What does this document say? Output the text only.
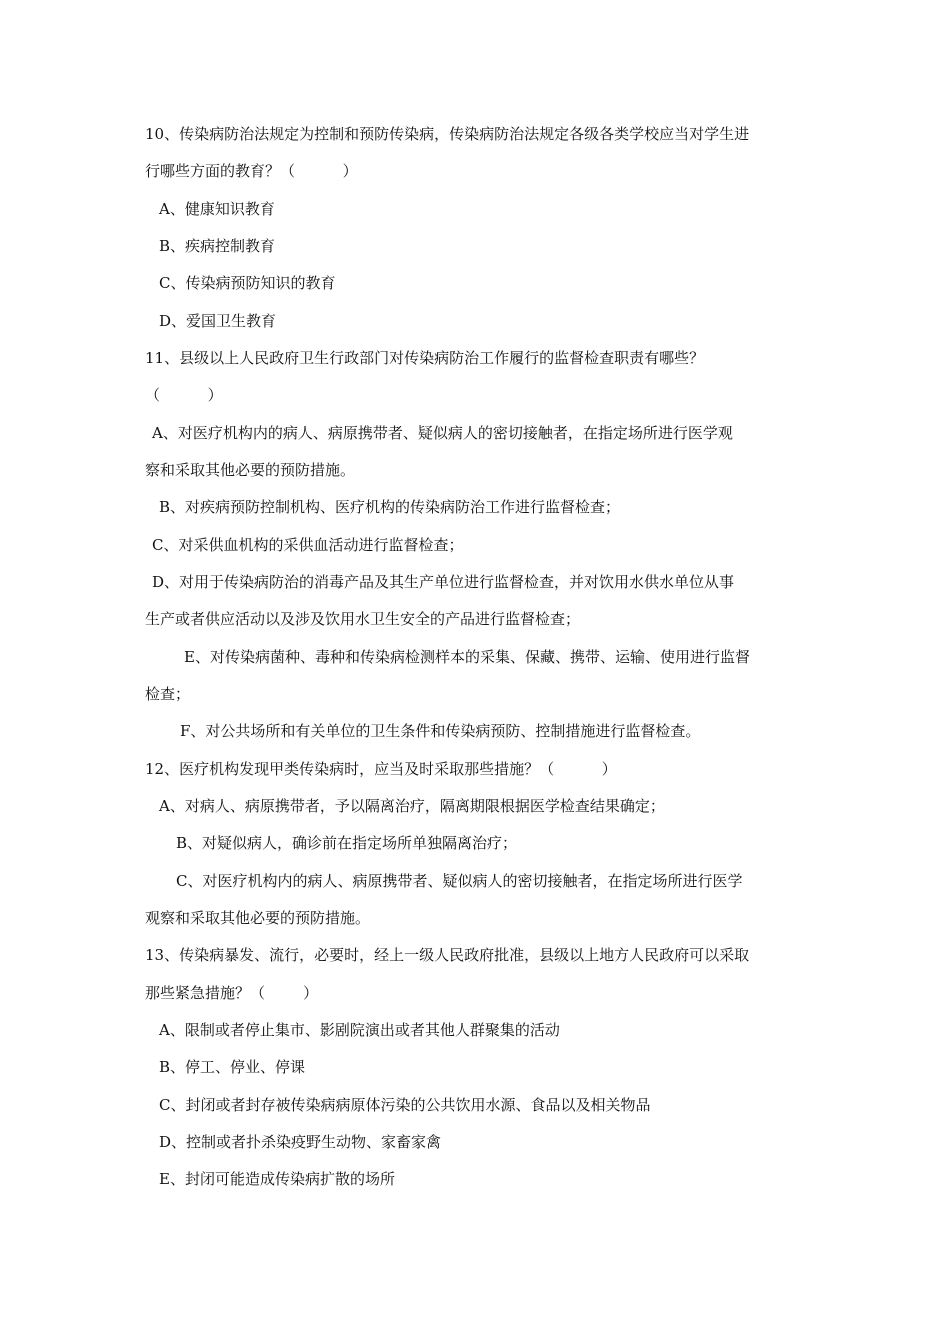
10、传染病防治法规定为控制和预防传染病，传染病防治法规定各级各类学校应当对学生进

行哪些方面的教育？（          ）

A、健康知识教育

B、疾病控制教育

C、传染病预防知识的教育

D、爱国卫生教育

11、县级以上人民政府卫生行政部门对传染病防治工作履行的监督检查职责有哪些？

（          ）

A、对医疗机构内的病人、病原携带者、疑似病人的密切接触者，在指定场所进行医学观

察和采取其他必要的预防措施。

B、对疾病预防控制机构、医疗机构的传染病防治工作进行监督检查；

C、对采供血机构的采供血活动进行监督检查；

D、对用于传染病防治的消毒产品及其生产单位进行监督检查，并对饮用水供水单位从事

生产或者供应活动以及涉及饮用水卫生安全的产品进行监督检查；

E、对传染病菌种、毒种和传染病检测样本的采集、保藏、携带、运输、使用进行监督

检查；

F、对公共场所和有关单位的卫生条件和传染病预防、控制措施进行监督检查。

12、医疗机构发现甲类传染病时，应当及时采取那些措施？（          ）

A、对病人、病原携带者，予以隔离治疗，隔离期限根据医学检查结果确定；

B、对疑似病人，确诊前在指定场所单独隔离治疗；

C、对医疗机构内的病人、病原携带者、疑似病人的密切接触者，在指定场所进行医学

观察和采取其他必要的预防措施。

13、传染病暴发、流行，必要时，经上一级人民政府批准，县级以上地方人民政府可以采取

那些紧急措施？（        ）

A、限制或者停止集市、影剧院演出或者其他人群聚集的活动

B、停工、停业、停课

C、封闭或者封存被传染病病原体污染的公共饮用水源、食品以及相关物品

D、控制或者扑杀染疫野生动物、家畜家禽

E、封闭可能造成传染病扩散的场所
